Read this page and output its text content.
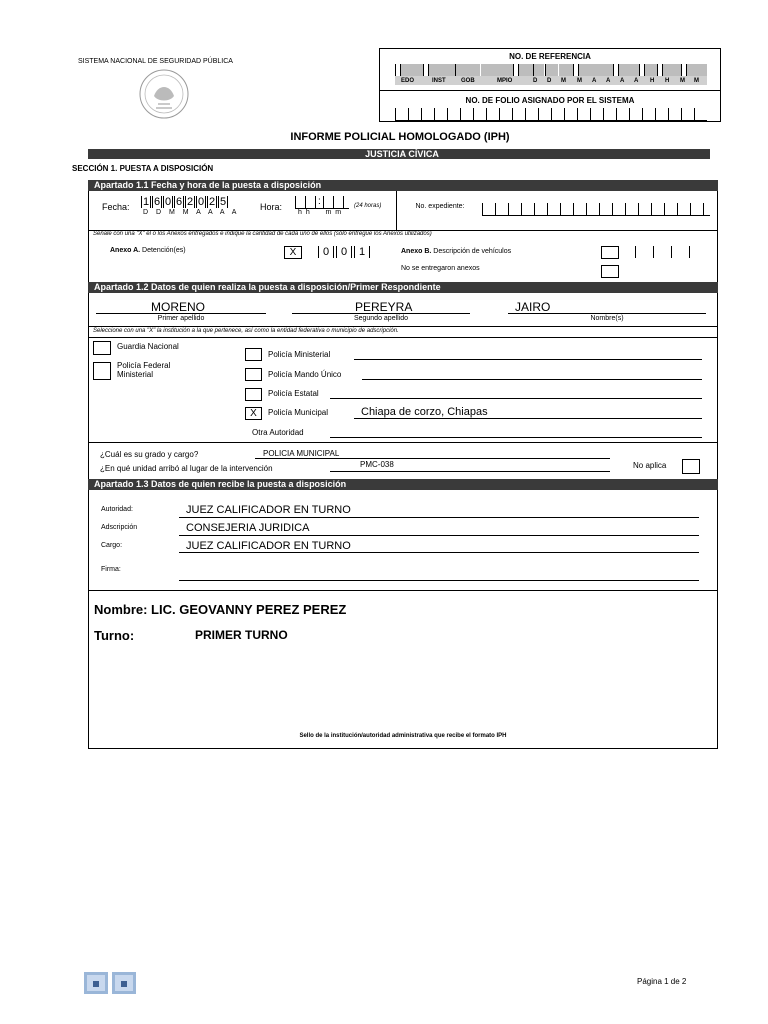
SISTEMA NACIONAL DE SEGURIDAD PÚBLICA
NO. DE REFERENCIA
EDO	INST	GOB	MPIO	D D M M A A A A H H M M
NO. DE FOLIO ASIGNADO POR EL SISTEMA
INFORME POLICIAL HOMOLOGADO (IPH)
JUSTICIA CÍVICA
SECCIÓN 1. PUESTA A DISPOSICIÓN
Apartado 1.1 Fecha y hora de la puesta a disposición
Fecha: 1 6 0 6 2 0 2 5
D D M M A A A A
Hora:	:
h h     m m
(24 horas)	No. expediente:
Señale con una "X" el o los Anexos entregados e indique la cantidad de cada uno de ellos (sólo entregue los Anexos utilizados)
Anexo A. Detención(es)	X	0	0	1	Anexo B. Descripción de vehículos
No se entregaron anexos
Apartado 1.2 Datos de quien realiza la puesta a disposición/Primer Respondiente
MORENO	PEREYRA	JAIRO
Primer apellido	Segundo apellido	Nombre(s)
Seleccione con una "X" la institución a la que pertenece, así como la entidad federativa o municipio de adscripción.
Guardia Nacional
Policía Federal
Ministerial
Policía Ministerial
Policía Mando Único
Policía Estatal
X	Policía Municipal	Chiapa de corzo, Chiapas
Otra Autoridad
¿Cuál es su grado y cargo?	POLICIA MUNICIPAL
¿En qué unidad arribó al lugar de la intervención	PMC-038	No aplica
Apartado 1.3 Datos de quien recibe la puesta a disposición
Autoridad:	JUEZ CALIFICADOR EN TURNO
Adscripción	CONSEJERIA JURIDICA
Cargo:	JUEZ CALIFICADOR EN TURNO
Firma:
Nombre: LIC. GEOVANNY PEREZ PEREZ
Turno:	PRIMER TURNO
Sello de la institución/autoridad administrativa que recibe el formato IPH
Página 1 de 2
